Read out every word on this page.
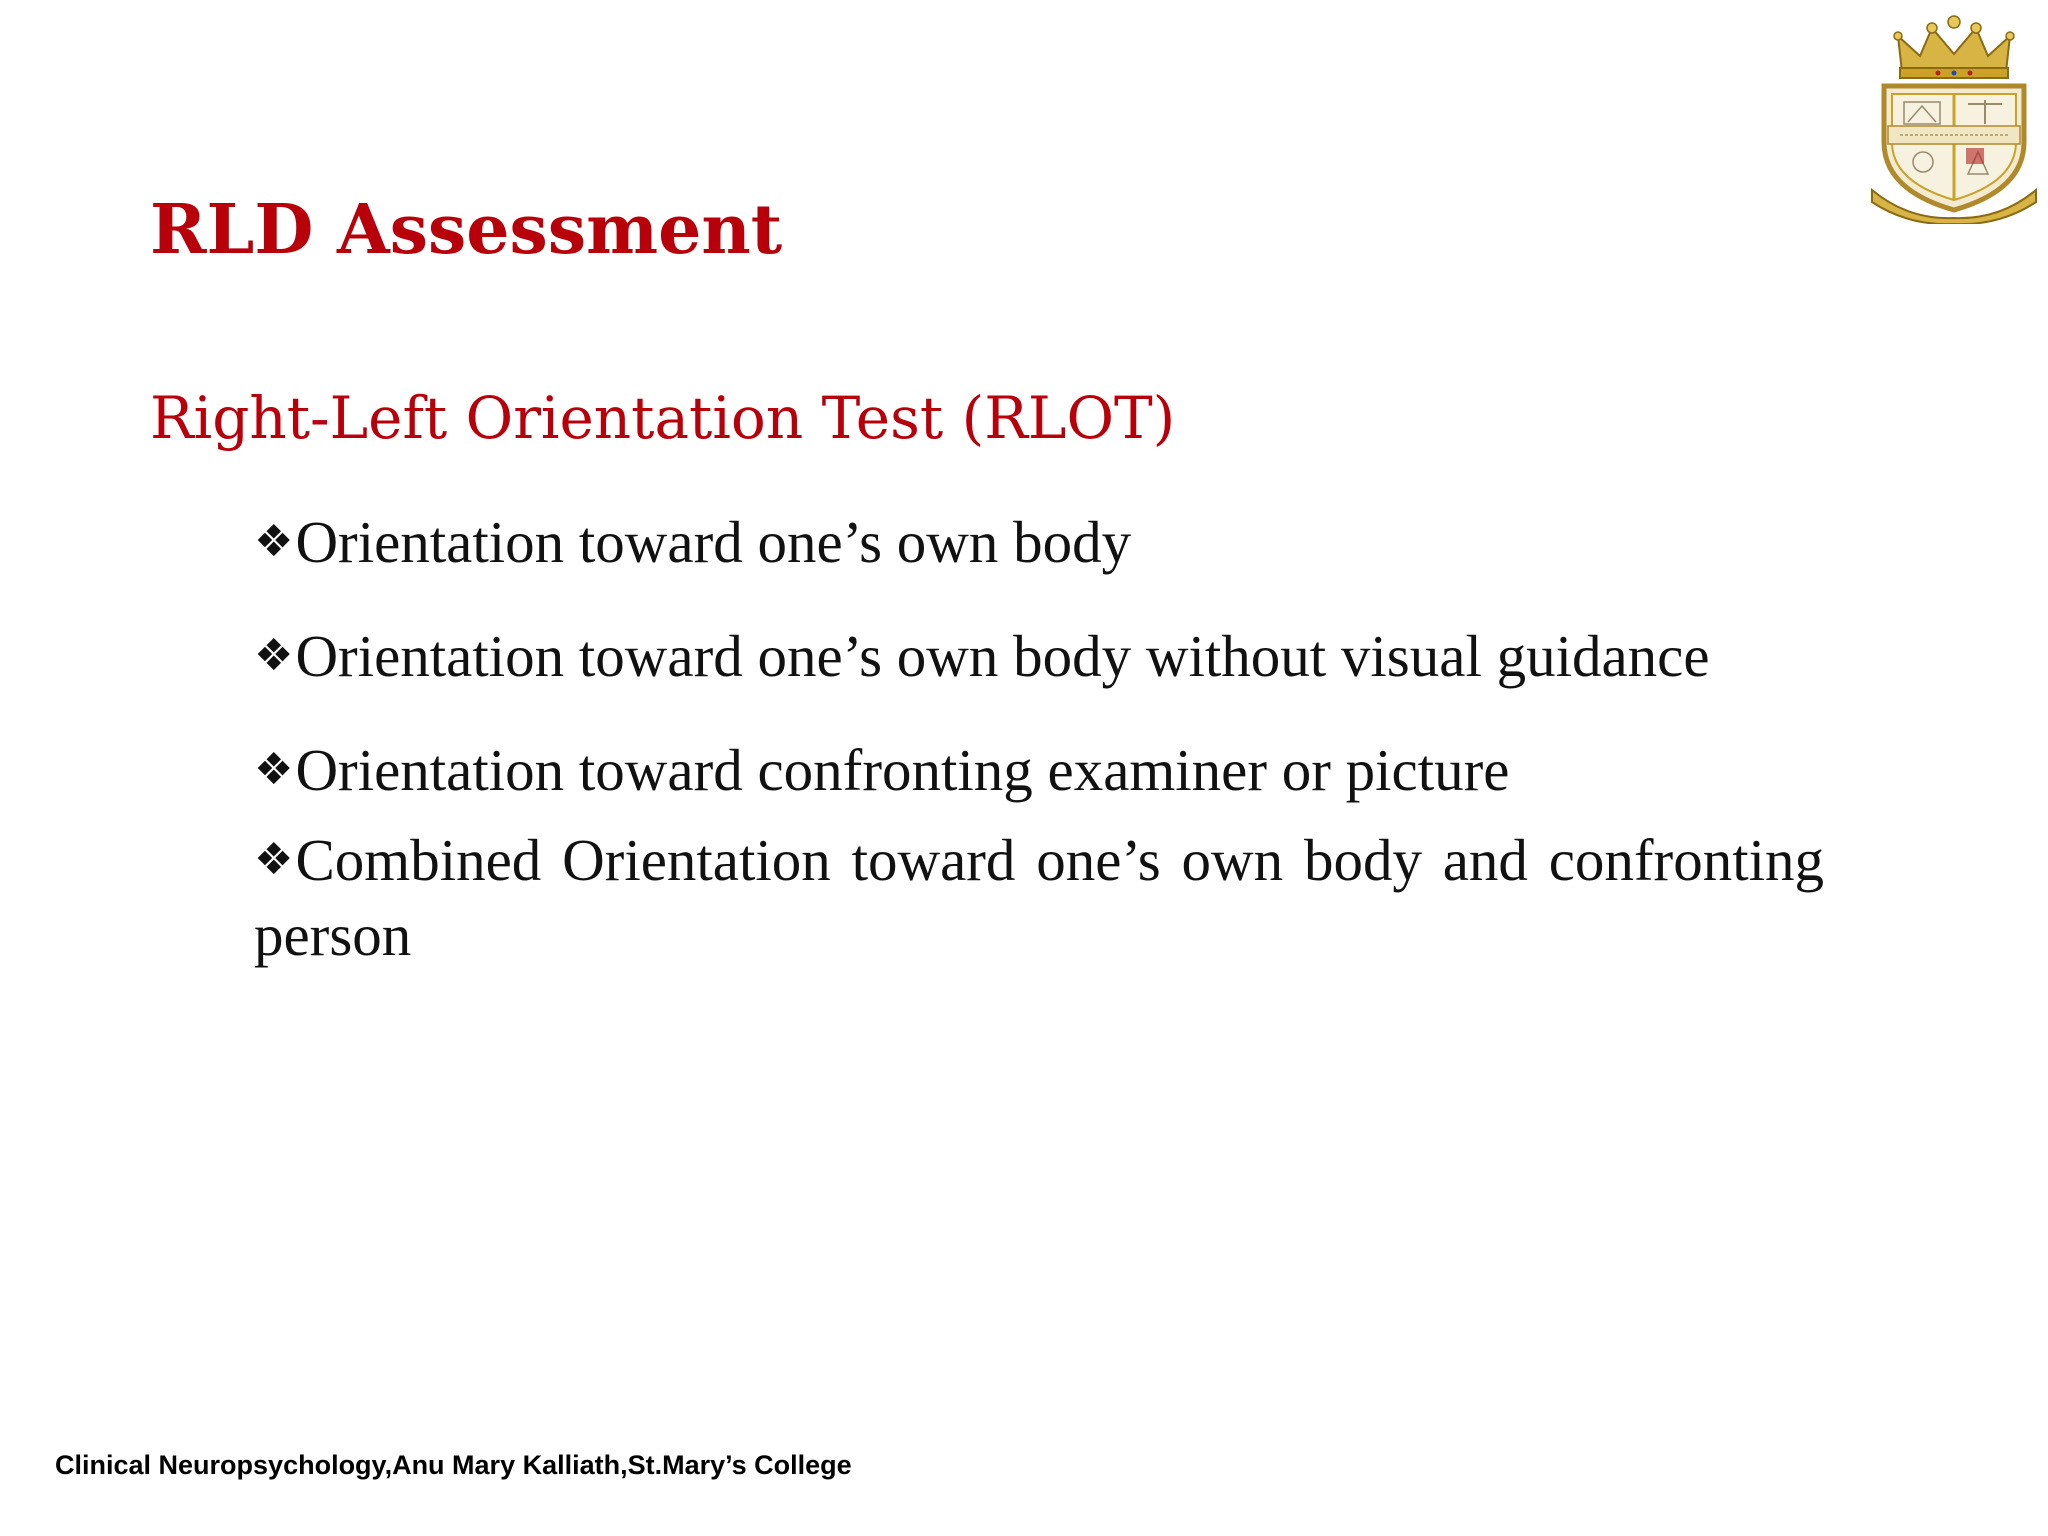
RLD Assessment
Right-Left Orientation Test (RLOT)
❖Orientation toward one’s own body
❖Orientation toward one’s own body without visual guidance
❖Orientation toward confronting examiner or picture
❖Combined Orientation toward one’s own body and confronting person
Clinical Neuropsychology,Anu Mary Kalliath,St.Mary’s College
